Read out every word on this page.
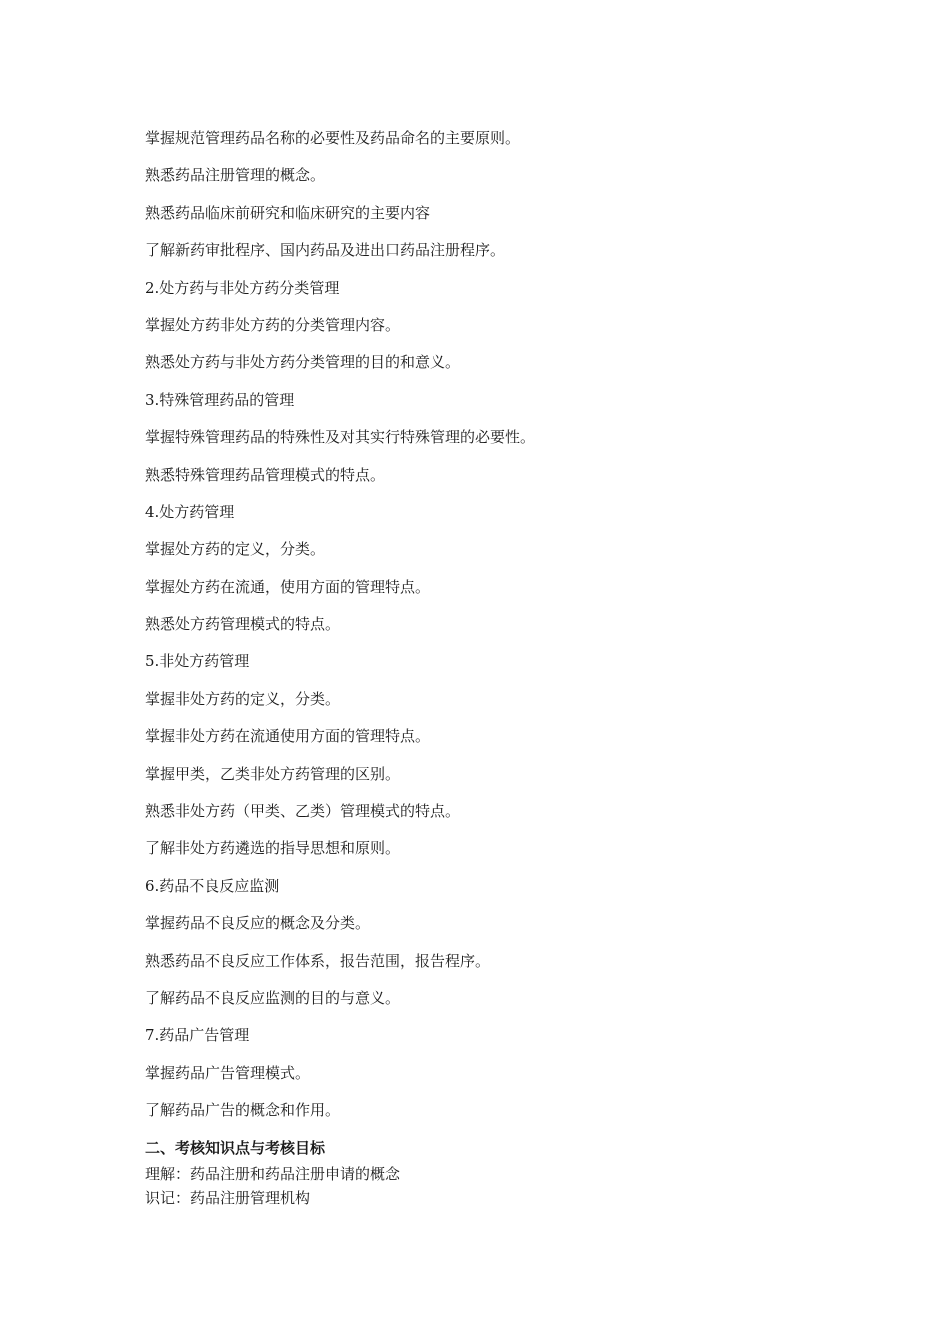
掌握规范管理药品名称的必要性及药品命名的主要原则。
熟悉药品注册管理的概念。
熟悉药品临床前研究和临床研究的主要内容
了解新药审批程序、国内药品及进出口药品注册程序。
2.处方药与非处方药分类管理
掌握处方药非处方药的分类管理内容。
熟悉处方药与非处方药分类管理的目的和意义。
3.特殊管理药品的管理
掌握特殊管理药品的特殊性及对其实行特殊管理的必要性。
熟悉特殊管理药品管理模式的特点。
4.处方药管理
掌握处方药的定义，分类。
掌握处方药在流通，使用方面的管理特点。
熟悉处方药管理模式的特点。
5.非处方药管理
掌握非处方药的定义，分类。
掌握非处方药在流通使用方面的管理特点。
掌握甲类，乙类非处方药管理的区别。
熟悉非处方药（甲类、乙类）管理模式的特点。
了解非处方药遴选的指导思想和原则。
6.药品不良反应监测
掌握药品不良反应的概念及分类。
熟悉药品不良反应工作体系，报告范围，报告程序。
了解药品不良反应监测的目的与意义。
7.药品广告管理
掌握药品广告管理模式。
了解药品广告的概念和作用。
二、考核知识点与考核目标
理解：药品注册和药品注册申请的概念
识记：药品注册管理机构
